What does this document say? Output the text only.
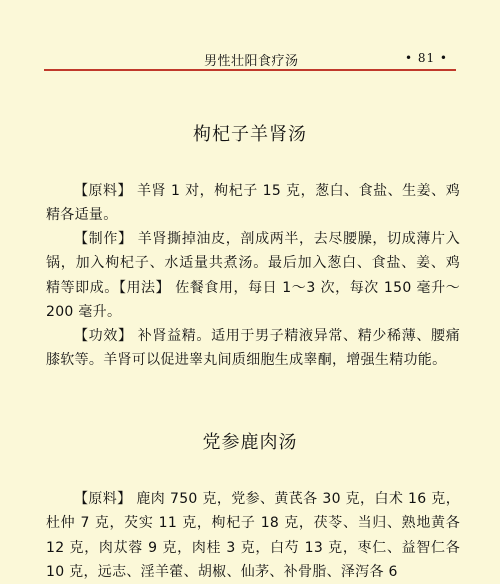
男性壮阳食疗汤	• 81 •
枸杞子羊肾汤
【原料】 羊肾 1 对，枸杞子 15 克，葱白、食盐、生姜、鸡精各适量。
【制作】 羊肾撕掉油皮，剖成两半，去尽腰臊，切成薄片入锅，加入枸杞子、水适量共煮汤。最后加入葱白、食盐、姜、鸡精等即成。【用法】 佐餐食用，每日 1～3 次，每次 150 毫升～200 毫升。
【功效】 补肾益精。适用于男子精液异常、精少稀薄、腰痛膝软等。羊肾可以促进睾丸间质细胞生成睾酮，增强生精功能。
党参鹿肉汤
【原料】 鹿肉 750 克，党参、黄芪各 30 克，白术 16 克，杜仲 7 克，芡实 11 克，枸杞子 18 克，茯苓、当归、熟地黄各 12 克，肉苁蓉 9 克，肉桂 3 克，白芍 13 克，枣仁、益智仁各 10 克，远志、淫羊藿、胡椒、仙茅、补骨脂、泽泻各 6
